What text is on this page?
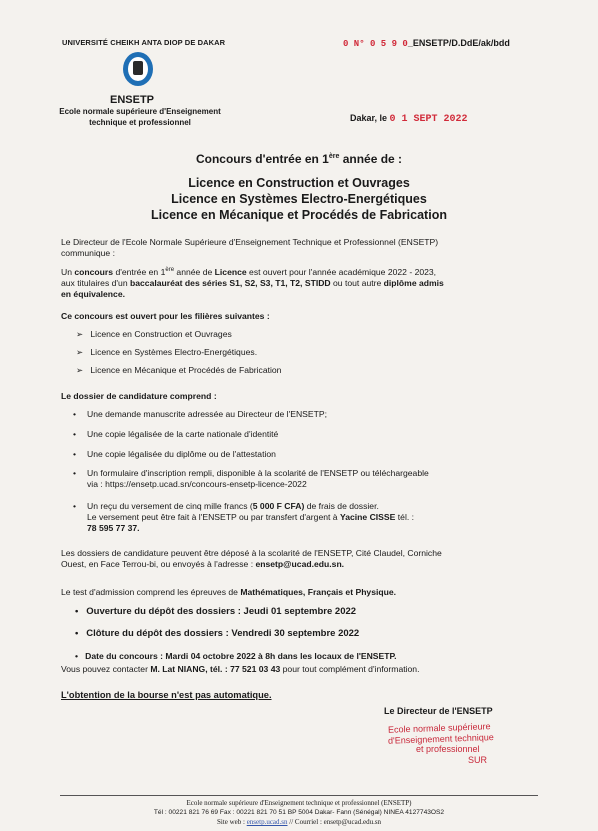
UNIVERSITÉ CHEIKH ANTA DIOP DE DAKAR	0 N° 0 5 9 0_ENSETP/D.DdE/ak/bdd
ENSETP
Ecole normale supérieure d'Enseignement
technique et professionnel	Dakar, le 0 1 SEPT 2022
Concours d'entrée en 1ère année de :
Licence en Construction et Ouvrages
Licence en Systèmes Electro-Energétiques
Licence en Mécanique et Procédés de Fabrication
Le Directeur de l'Ecole Normale Supérieure d'Enseignement Technique et Professionnel (ENSETP)
communique :
Un concours d'entrée en 1ère année de Licence est ouvert pour l'année académique 2022 - 2023,
aux titulaires d'un baccalauréat des séries S1, S2, S3, T1, T2, STIDD ou tout autre diplôme admis
en équivalence.
Ce concours est ouvert pour les filières suivantes :
➢   Licence en Construction et Ouvrages
➢   Licence en Systèmes Electro-Energétiques.
➢   Licence en Mécanique et Procédés de Fabrication
Le dossier de candidature comprend :
• Une demande manuscrite adressée au Directeur de l'ENSETP;
• Une copie légalisée de la carte nationale d'identité
• Une copie légalisée du diplôme ou de l'attestation
• Un formulaire d'inscription rempli, disponible à la scolarité de l'ENSETP ou téléchargeable
via : https://ensetp.ucad.sn/concours-ensetp-licence-2022
• Un reçu du versement de cinq mille francs (5 000 F CFA) de frais de dossier.
Le versement peut être fait à l'ENSETP ou par transfert d'argent à Yacine CISSE tél. :
78 595 77 37.
Les dossiers de candidature peuvent être déposé à la scolarité de l'ENSETP, Cité Claudel, Corniche
Ouest, en Face Terrou-bi, ou envoyés à l'adresse : ensetp@ucad.edu.sn.
Le test d'admission comprend les épreuves de Mathématiques, Français et Physique.
•   Ouverture du dépôt des dossiers : Jeudi 01 septembre 2022
•   Clôture du dépôt des dossiers : Vendredi 30 septembre 2022
•   Date du concours : Mardi 04 octobre 2022 à 8h dans les locaux de l'ENSETP.
Vous pouvez contacter M. Lat NIANG, tél. : 77 521 03 43 pour tout complément d'information.
L'obtention de la bourse n'est pas automatique.
Le Directeur de l'ENSETP
Ecole normale supérieure
d'Enseignement technique
et professionnel
SUR
Ecole normale supérieure d'Enseignement technique et professionnel (ENSETP)
Tél : 00221 821 76 69 Fax : 00221 821 70 51 BP 5004 Dakar- Fann (Sénégal) NINEA 4127743OS2
Site web : ensetp.ucad.sn // Courriel : ensetp@ucad.edu.sn
